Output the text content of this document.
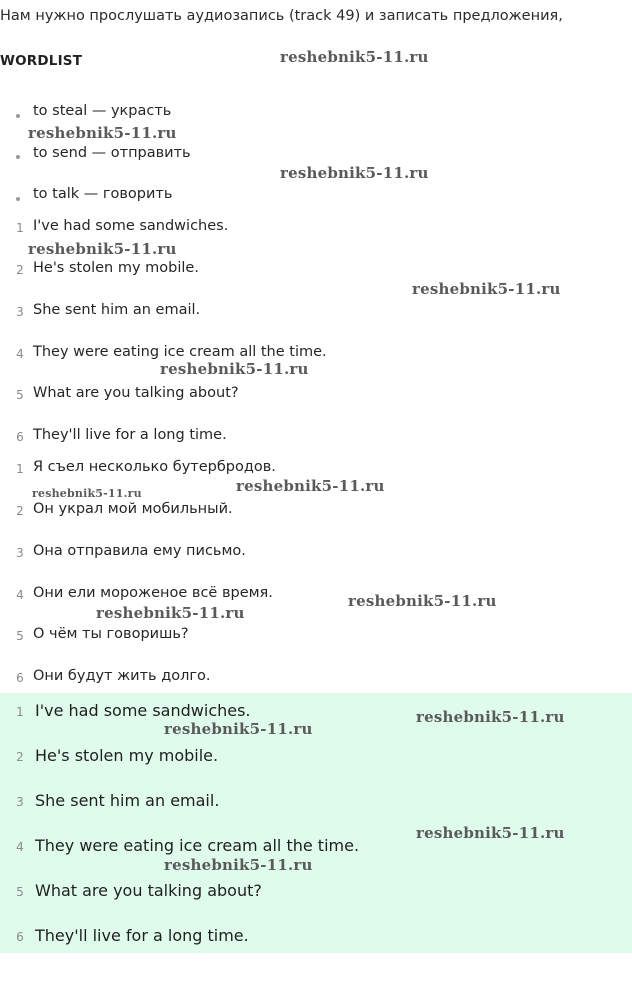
Нам нужно прослушать аудиозапись (track 49) и записать предложения,
WORDLIST
to steal — украсть
to send — отправить
to talk — говорить
1 I've had some sandwiches.
2 He's stolen my mobile.
3 She sent him an email.
4 They were eating ice cream all the time.
5 What are you talking about?
6 They'll live for a long time.
1 Я съел несколько бутербродов.
2 Он украл мой мобильный.
3 Она отправила ему письмо.
4 Они ели мороженое всё время.
5 О чём ты говоришь?
6 Они будут жить долго.
1 I've had some sandwiches.
2 He's stolen my mobile.
3 She sent him an email.
4 They were eating ice cream all the time.
5 What are you talking about?
6 They'll live for a long time.
reshebnik5-11.ru
reshebnik5-11.ru
reshebnik5-11.ru
reshebnik5-11.ru
reshebnik5-11.ru
reshebnik5-11.ru
reshebnik5-11.ru
reshebnik5-11.ru
reshebnik5-11.ru
reshebnik5-11.ru
reshebnik5-11.ru
reshebnik5-11.ru
reshebnik5-11.ru
reshebnik5-11.ru
